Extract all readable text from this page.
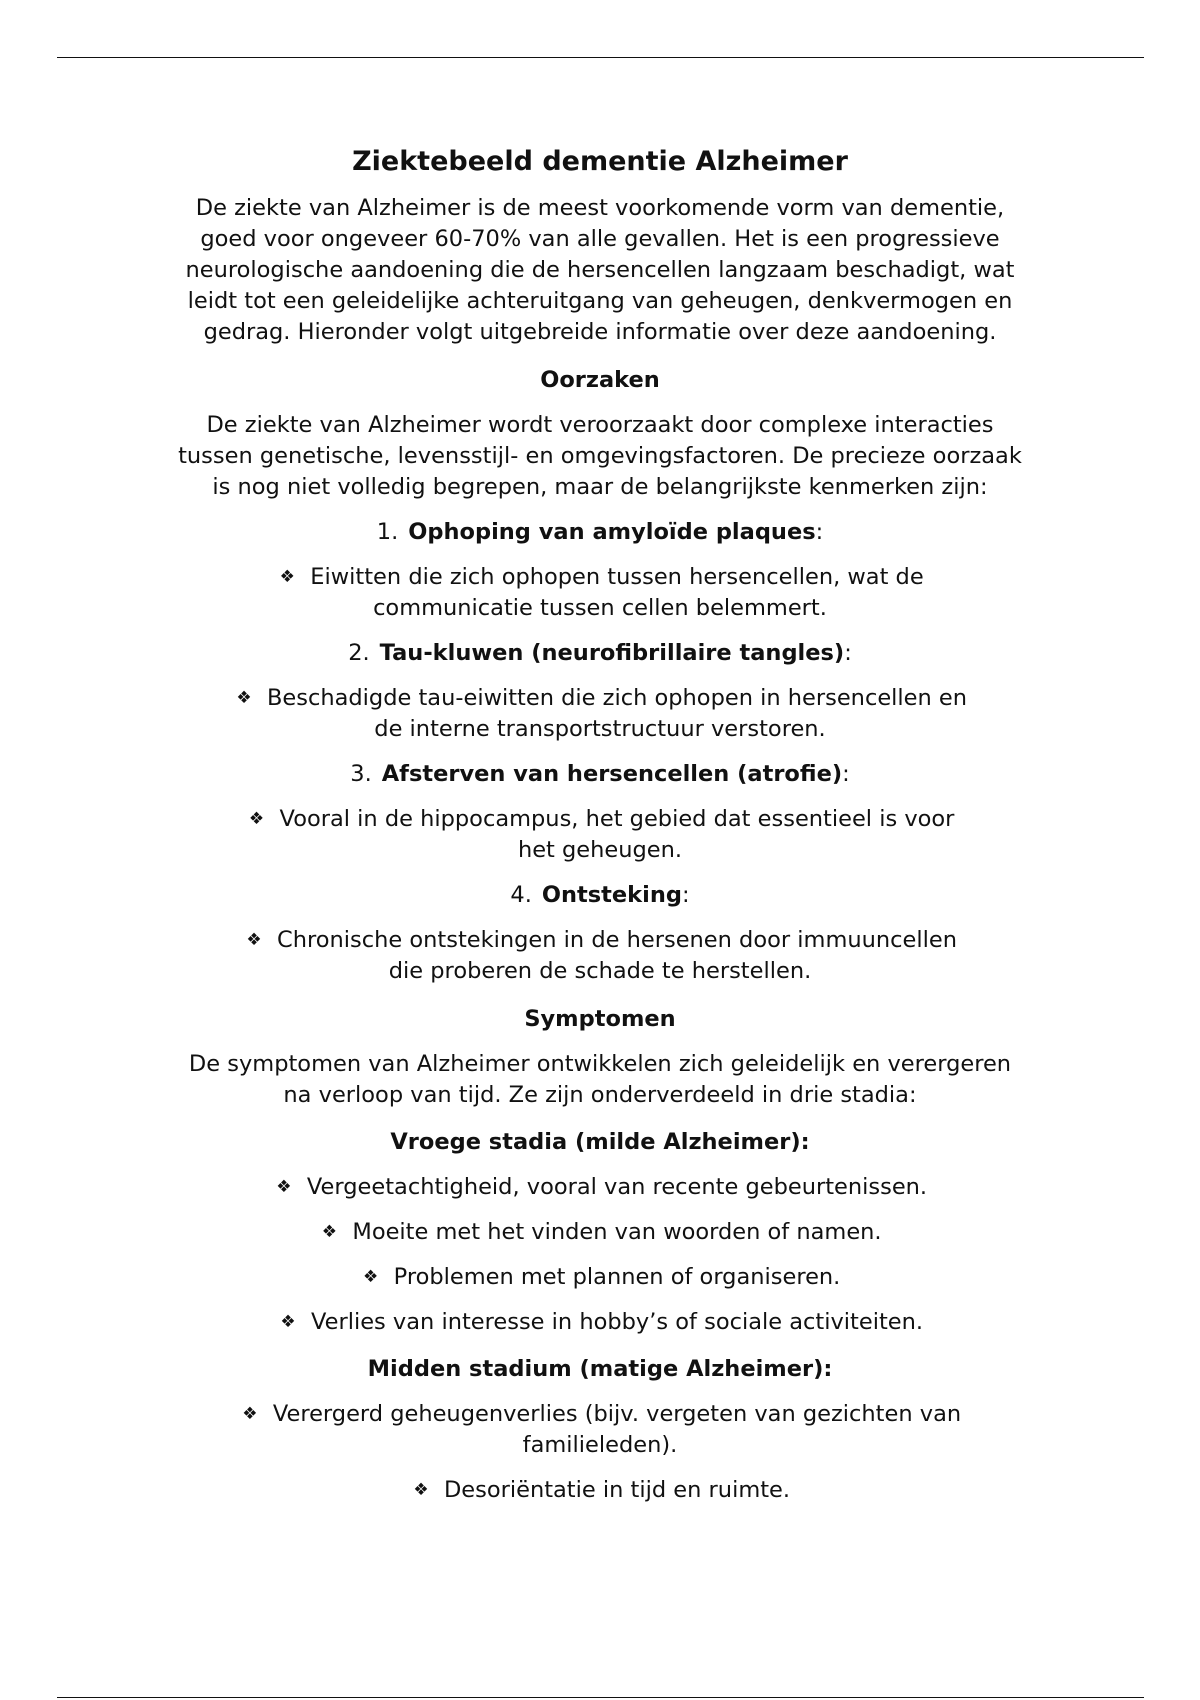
Ziektebeeld dementie Alzheimer
De ziekte van Alzheimer is de meest voorkomende vorm van dementie,
goed voor ongeveer 60-70% van alle gevallen. Het is een progressieve
neurologische aandoening die de hersencellen langzaam beschadigt, wat
leidt tot een geleidelijke achteruitgang van geheugen, denkvermogen en
gedrag. Hieronder volgt uitgebreide informatie over deze aandoening.
Oorzaken
De ziekte van Alzheimer wordt veroorzaakt door complexe interacties
tussen genetische, levensstijl- en omgevingsfactoren. De precieze oorzaak
is nog niet volledig begrepen, maar de belangrijkste kenmerken zijn:
1. Ophoping van amyloïde plaques:
❖ Eiwitten die zich ophopen tussen hersencellen, wat de
communicatie tussen cellen belemmert.
2. Tau-kluwen (neurofibrillaire tangles):
❖ Beschadigde tau-eiwitten die zich ophopen in hersencellen en
de interne transportstructuur verstoren.
3. Afsterven van hersencellen (atrofie):
❖ Vooral in de hippocampus, het gebied dat essentieel is voor
het geheugen.
4. Ontsteking:
❖ Chronische ontstekingen in de hersenen door immuuncellen
die proberen de schade te herstellen.
Symptomen
De symptomen van Alzheimer ontwikkelen zich geleidelijk en verergeren
na verloop van tijd. Ze zijn onderverdeeld in drie stadia:
Vroege stadia (milde Alzheimer):
❖ Vergeetachtigheid, vooral van recente gebeurtenissen.
❖ Moeite met het vinden van woorden of namen.
❖ Problemen met plannen of organiseren.
❖ Verlies van interesse in hobby’s of sociale activiteiten.
Midden stadium (matige Alzheimer):
❖ Verergerd geheugenverlies (bijv. vergeten van gezichten van
familieleden).
❖ Desoriëntatie in tijd en ruimte.
